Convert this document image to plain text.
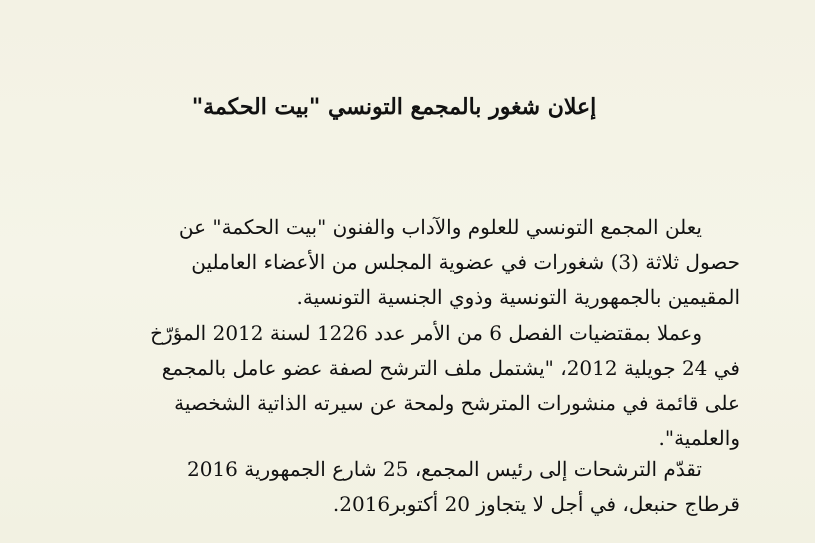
إعلان شغور بالمجمع التونسي "بيت الحكمة"
يعلن المجمع التونسي للعلوم والآداب والفنون "بيت الحكمة" عن
حصول ثلاثة (3) شغورات في عضوية المجلس من الأعضاء العاملين
المقيمين بالجمهورية التونسية وذوي الجنسية التونسية.
وعملا بمقتضيات الفصل 6 من الأمر عدد 1226 لسنة 2012 المؤرّخ
في 24 جويلية 2012، "يشتمل ملف الترشح لصفة عضو عامل بالمجمع
على قائمة في منشورات المترشح ولمحة عن سيرته الذاتية الشخصية
والعلمية".
تقدّم الترشحات إلى رئيس المجمع، 25 شارع الجمهورية 2016
قرطاج حنبعل، في أجل لا يتجاوز 20 أكتوبر2016.
